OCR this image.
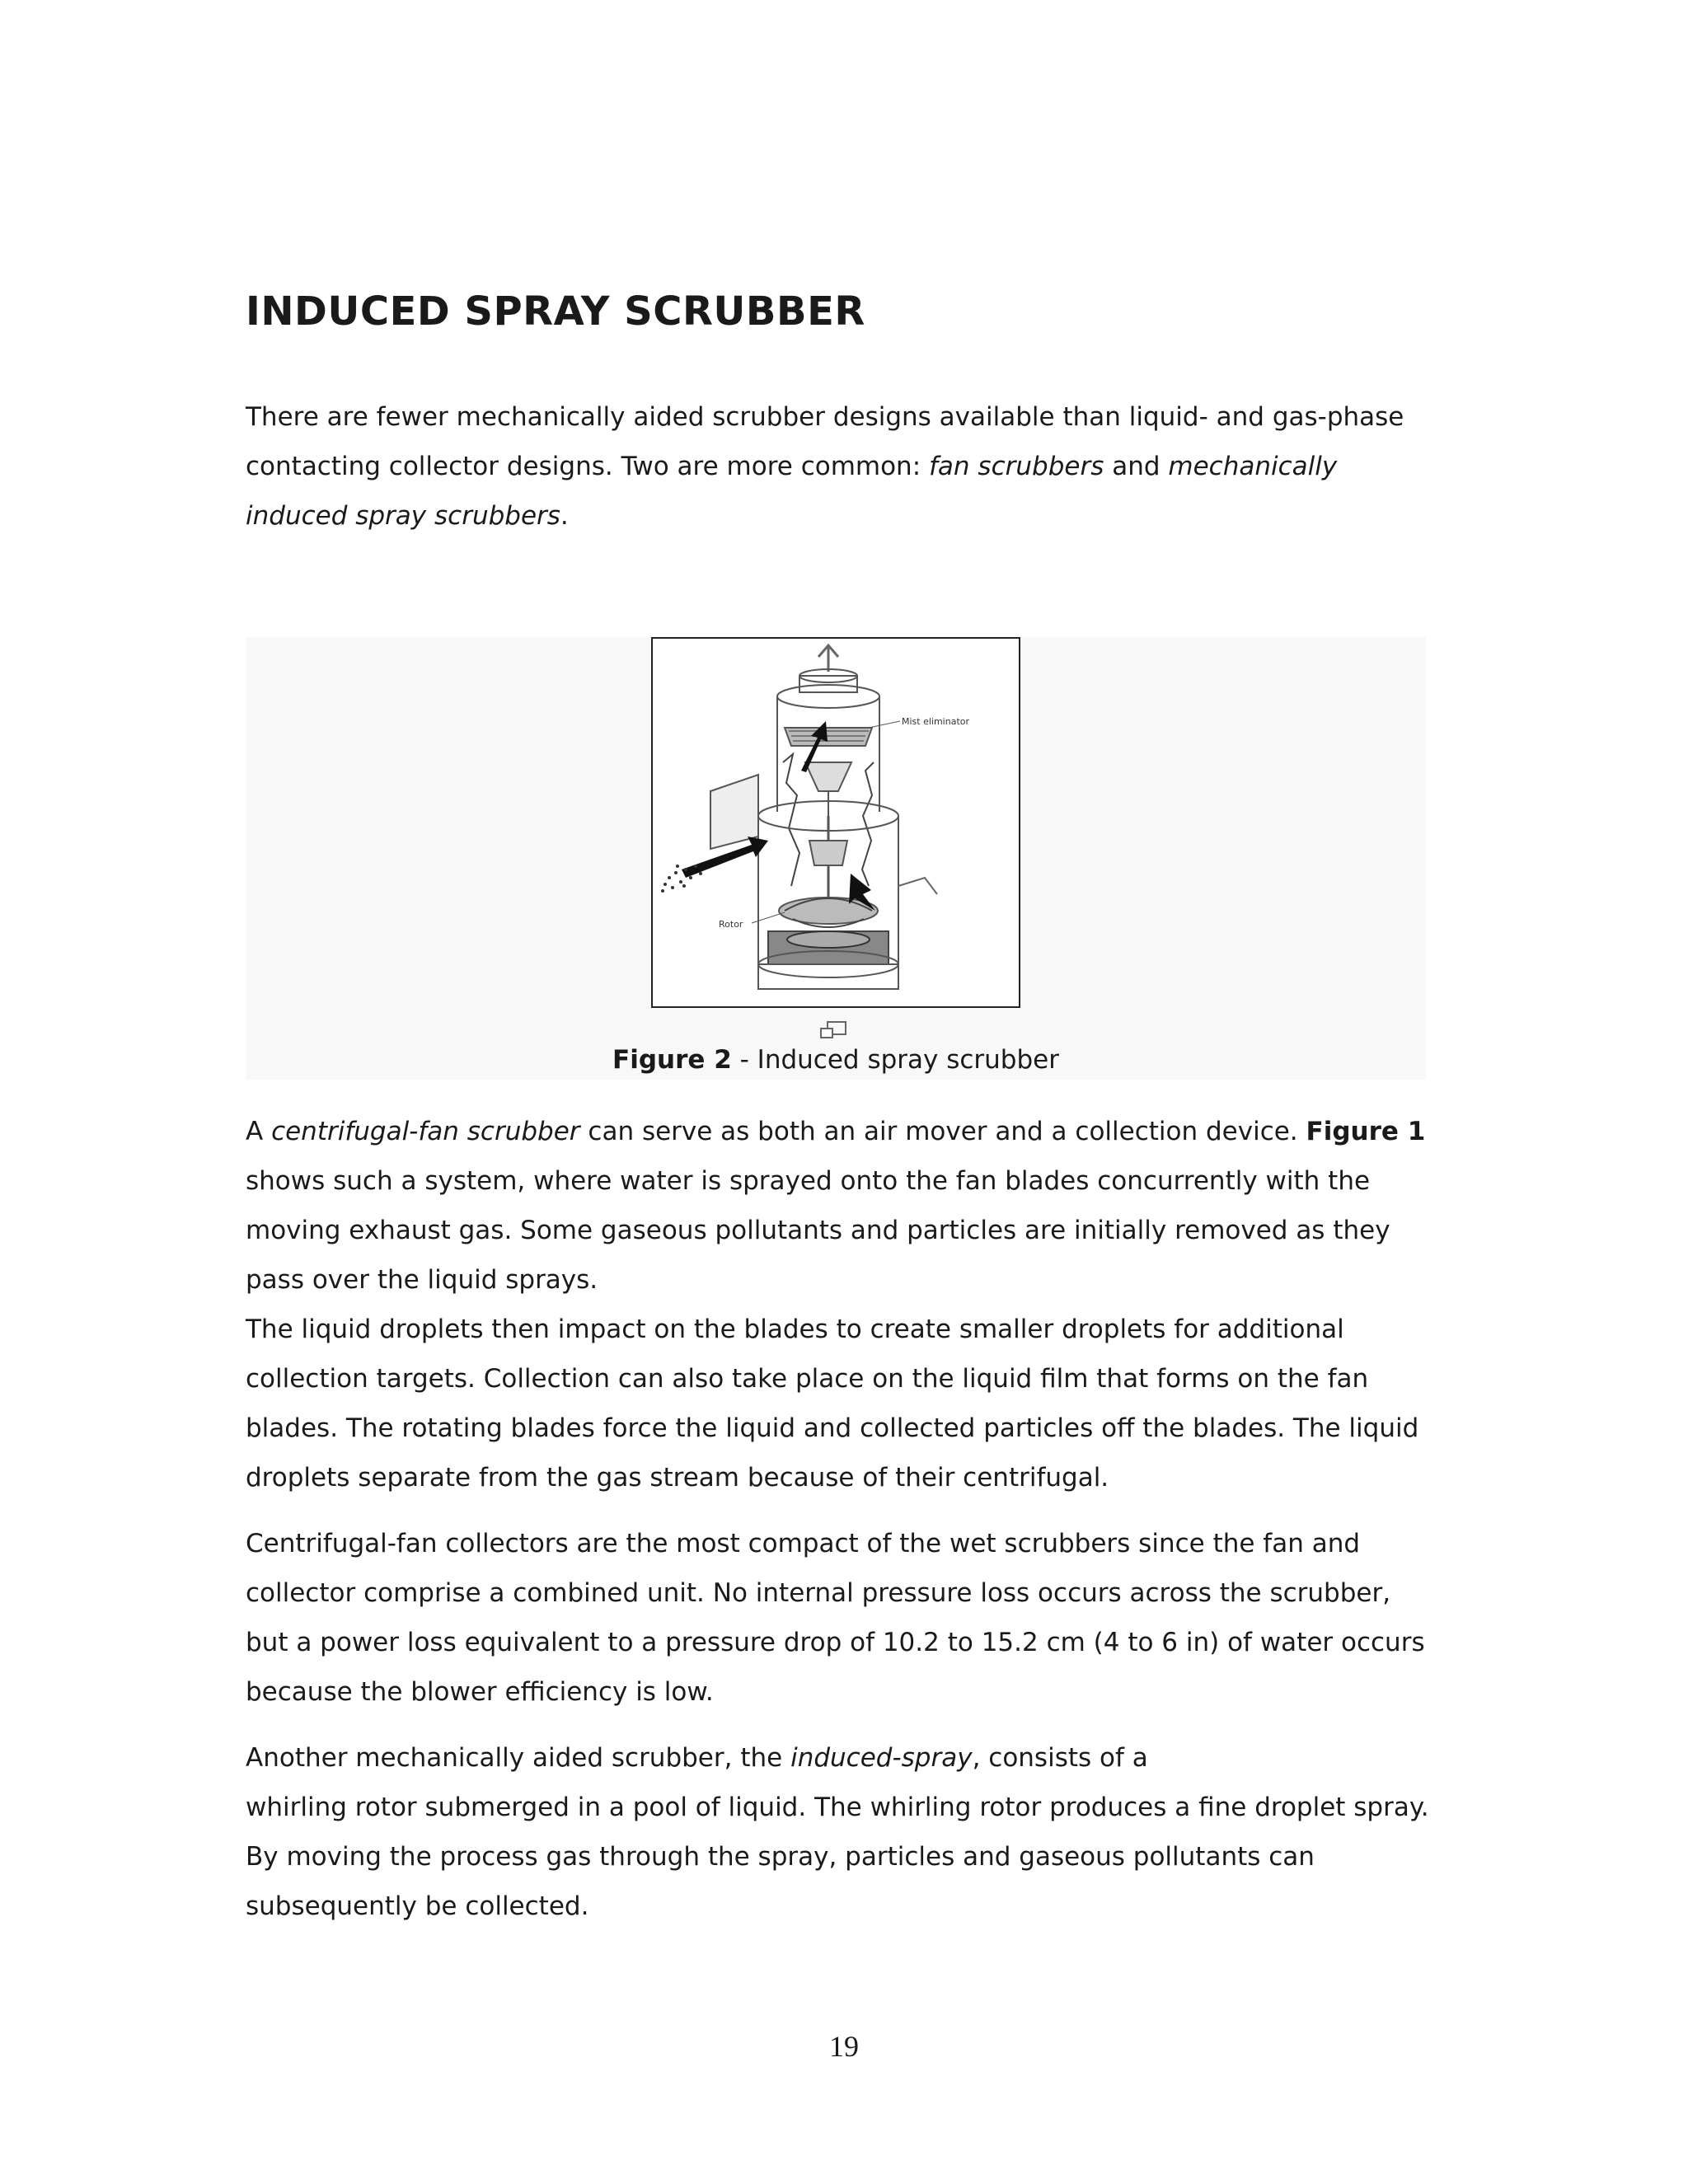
INDUCED SPRAY SCRUBBER

There are fewer mechanically aided scrubber designs available than liquid- and gas-phase contacting collector designs. Two are more common: fan scrubbers and mechanically induced spray scrubbers.

Mist eliminator
Rotor
Figure 2 - Induced spray scrubber

A centrifugal-fan scrubber can serve as both an air mover and a collection device. Figure 1 shows such a system, where water is sprayed onto the fan blades concurrently with the moving exhaust gas. Some gaseous pollutants and particles are initially removed as they pass over the liquid sprays.
The liquid droplets then impact on the blades to create smaller droplets for additional collection targets. Collection can also take place on the liquid film that forms on the fan blades. The rotating blades force the liquid and collected particles off the blades. The liquid droplets separate from the gas stream because of their centrifugal.

Centrifugal-fan collectors are the most compact of the wet scrubbers since the fan and collector comprise a combined unit. No internal pressure loss occurs across the scrubber, but a power loss equivalent to a pressure drop of 10.2 to 15.2 cm (4 to 6 in) of water occurs because the blower efficiency is low.

Another mechanically aided scrubber, the induced-spray, consists of a
whirling rotor submerged in a pool of liquid. The whirling rotor produces a fine droplet spray. By moving the process gas through the spray, particles and gaseous pollutants can subsequently be collected.

19
